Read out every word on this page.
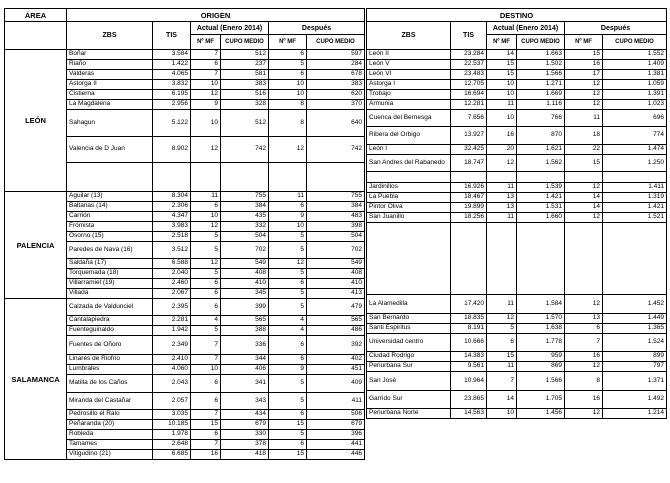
ÁREA	ORIGEN					
	ZBS	TIS	Actual (Enero 2014)		Después	
			Nº MF	CUPO MEDIO	Nº MF	CUPO MEDIO
LEÓN	Boñar	3.584	7	512	6	597
	Riaño	1.422	6	237	5	284
	Valderas	4.065	7	581	6	678
	Astorga II	3.832	10	383	10	383
	Cistierna	6.195	12	516	10	620
	La Magdalena	2.956	9	328	8	370
	Sahagun	5.122	10	512	8	640
	Valencia de D Juan	8.902	12	742	12	742

PALENCIA	Aguilar (13)	8.304	11	755	11	755
	Baltanas (14)	2.306	6	384	6	384
	Carrión	4.347	10	435	9	483
	Frómista	3.983	12	332	10	398
	Osorno (15)	2.518	5	504	5	504
	Paredes de Nava (16)	3.512	5	702	5	702
	Saldaña (17)	6.588	12	549	12	549
	Torquemada (18)	2.040	5	408	5	408
	Villarramiel (19)	2.460	6	410	6	410
	Villada	2.067	6	345	5	413
SALAMANCA	Calzada de Valdunciel	2.395	6	399	5	479
	Cantalapiedra	2.281	4	565	4	565
	Fuenteguinaldo	1.942	5	388	4	486
	Fuentes de Oñoro	2.349	7	336	6	392
	Linares de Riofrio	2.410	7	344	6	402
	Lumbrales	4.060	10	406	9	451
	Matilla de los Caños	2.043	6	341	5	409
	Miranda del Castañar	2.057	6	343	5	411
	Pedrosillo el Ralo	3.035	7	434	6	506
	Peñaranda (20)	10.185	15	679	15	679
	Robleda	1.978	6	330	5	396
	Tamames	2.648	7	378	6	441
	Vitigudino (21)	6.685	16	418	15	446
DESTINO					
ZBS	TIS	Actual (Enero 2014)		Después	
		Nº MF	CUPO MEDIO	Nº MF	CUPO MEDIO
León II	23.284	14	1.663	15	1.552
León V	22.537	15	1.502	16	1.409
León VI	23.483	15	1.566	17	1.381
Astorga I	12.705	10	1.271	12	1.059
Trobajo	16.694	10	1.669	12	1.391
Armunia	12.281	11	1.116	12	1.023
Cuenca del Bernesga	7.656	10	766	11	696
Ribera del Orbigo	13.927	16	870	18	774
León I	32.425	20	1.621	22	1.474
San Andres del Rabanedo	18.747	12	1.562	15	1.250

Jardinillos	16.926	11	1.539	12	1.411
La Puebla	18.467	13	1.421	14	1.319
Pintor Oliva	19.899	13	1.531	14	1.421
San Juanillo	18.256	11	1.660	12	1.521

La Alamedilla	17.420	11	1.584	12	1.452
San Bernardo	18.835	12	1.570	13	1.449
Santi Espiritus	8.191	5	1.638	6	1.365
Universidad centro	10.666	6	1.778	7	1.524
Ciudad Rodrigo	14.383	15	959	16	899
Periurbana Sur	9.561	11	869	12	797
San José	10.964	7	1.566	8	1.371
Garrido Sur	23.865	14	1.705	16	1.492
Periurbana Norte	14.563	10	1.456	12	1.214
